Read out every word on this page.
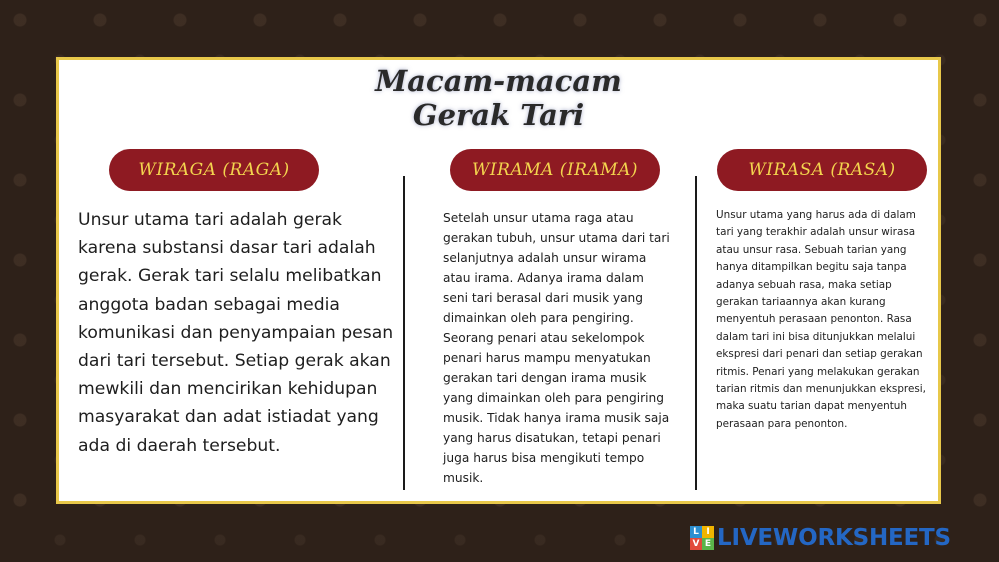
Macam-macam
Gerak Tari
WIRAGA (RAGA)	WIRAMA (IRAMA)	WIRASA (RASA)

Unsur utama tari adalah gerak karena substansi dasar tari adalah gerak. Gerak tari selalu melibatkan anggota badan sebagai media komunikasi dan penyampaian pesan dari tari tersebut. Setiap gerak akan mewkili dan mencirikan kehidupan masyarakat dan adat istiadat yang ada di daerah tersebut.

Setelah unsur utama raga atau gerakan tubuh, unsur utama dari tari selanjutnya adalah unsur wirama atau irama. Adanya irama dalam seni tari berasal dari musik yang dimainkan oleh para pengiring. Seorang penari atau sekelompok penari harus mampu menyatukan gerakan tari dengan irama musik yang dimainkan oleh para pengiring musik. Tidak hanya irama musik saja yang harus disatukan, tetapi penari juga harus bisa mengikuti tempo musik.

Unsur utama yang harus ada di dalam tari yang terakhir adalah unsur wirasa atau unsur rasa. Sebuah tarian yang hanya ditampilkan begitu saja tanpa adanya sebuah rasa, maka setiap gerakan tariaannya akan kurang menyentuh perasaan penonton. Rasa dalam tari ini bisa ditunjukkan melalui ekspresi dari penari dan setiap gerakan ritmis. Penari yang melakukan gerakan tarian ritmis dan menunjukkan ekspresi, maka suatu tarian dapat menyentuh perasaan para penonton.

L I
V E LIVEWORKSHEETS
